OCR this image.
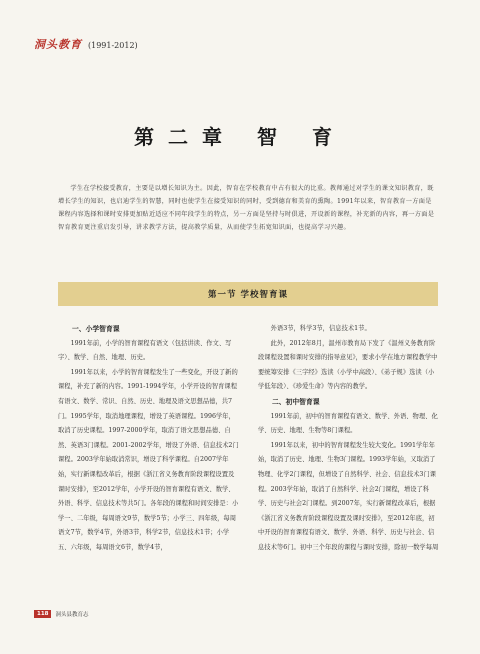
洞头教育 (1991-2012)
第二章 智 育
学生在学校接受教育，主要是以增长知识为主。因此，智育在学校教育中占有很大的比重。教师通过对学生的课文知识教育，既增长学生的知识，也启迪学生的智慧，同时也使学生在接受知识的同时，受到德育和美育的熏陶。1991年以来，智育教育一方面是课程内容选择和课时安排更加贴近适应不同年段学生的特点，另一方面是坚持与时俱进，开设新的课程，补充新的内容，再一方面是智育教育更注重启发引导，讲求教学方法，提高教学质量，从而使学生拓宽知识面，也提高学习兴趣。
第一节 学校智育课
一、小学智育课

1991年前，小学的智育课程有语文（包括讲读、作文、写字）、数学、自然、地理、历史。

1991年以来，小学的智育课程发生了一些变化，开设了新的课程，补充了新的内容。1991-1994学年，小学开设的智育课程有语文、数学、常识、自然、历史、地理及语文思想品德，共7门。1995学年，取消地理课程，增设了英语课程。1996学年，取消了历史课程。1997-2000学年，取消了语文思想品德、自然、英语3门课程。2001-2002学年，增设了外语、信息技术2门课程。2003学年始取消常识，增设了科学课程。自2007学年始，实行新课程改革后，根据《浙江省义务教育阶段课程设置及课时安排》，至2012学年，小学开设的智育课程有语文、数学、外语、科学、信息技术等共5门。各年段的课程和时间安排是：小学一、二年级，每周语文9节，数学5节；小学三、四年级，每周语文7节，数学4节，外语3节，科学2节，信息技术1节；小学五、六年级，每周语文6节，数学4节，

外语3节，科学3节，信息技术1节。

此外，2012年8月，温州市教育局下发了《温州义务教育阶段课程设置和课时安排的指导意见》，要求小学在地方课程教学中要统筹安排《三字经》选读（小学中高段）、《弟子规》选读（小学低年段）、《珍爱生命》等内容的教学。

二、初中智育课

1991年前，初中的智育课程有语文、数学、外语、物理、化学、历史、地理、生物等8门课程。

1991年以来，初中的智育课程发生较大变化。1991学年年始，取消了历史、地理、生物3门课程。1993学年始，又取消了物理、化学2门课程，但增设了自然科学、社会、信息技术3门课程。2003学年始，取消了自然科学、社会2门课程，增设了科学、历史与社会2门课程。到2007年，实行新课程改革后，根据《浙江省义务教育阶段课程设置及课时安排》，至2012年底，初中开设的智育课程有语文、数学、外语、科学、历史与社会、信息技术等6门。初中三个年段的课程与课时安排，除初一数学每周

118	洞头县教育志
